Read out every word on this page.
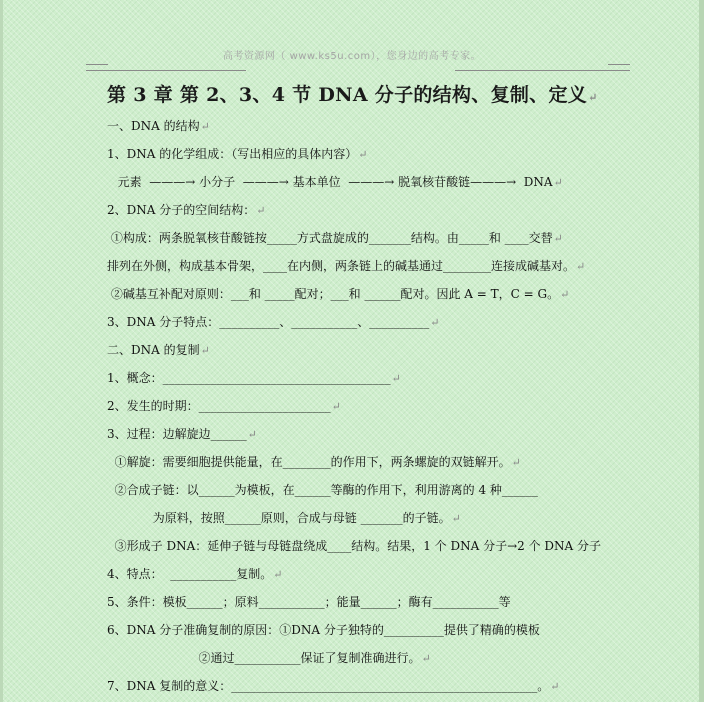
高考资源网（ www.ks5u.com），您身边的高考专家。
第 3 章 第 2、3、4 节 DNA 分子的结构、复制、定义↵
一、DNA 的结构↵
1、DNA 的化学组成：（写出相应的具体内容）↵
元素  ———→ 小分子  ———→ 基本单位  ———→ 脱氧核苷酸链———→  DNA↵
2、DNA 分子的空间结构：↵
①构成：两条脱氧核苷酸链按_____方式盘旋成的_______结构。由_____和 ____交替↵
排列在外侧，构成基本骨架，____在内侧，两条链上的碱基通过________连接成碱基对。↵
②碱基互补配对原则：___和 _____配对；___和 ______配对。因此 A = T，C = G。↵
3、DNA 分子特点：__________、___________、__________↵
二、DNA 的复制↵
1、概念：______________________________________↵
2、发生的时期：______________________↵
3、过程：边解旋边______↵
①解旋：需要细胞提供能量，在________的作用下，两条螺旋的双链解开。↵
②合成子链：以______为模板，在______等酶的作用下，利用游离的 4 种______
为原料，按照______原则，合成与母链 _______的子链。↵
③形成子 DNA：延伸子链与母链盘绕成____结构。结果，1 个 DNA 分子→2 个 DNA 分子
4、特点：  ___________复制。↵
5、条件：模板______；原料___________；能量______；酶有___________等
6、DNA 分子准确复制的原因：①DNA 分子独特的__________提供了精确的模板
②通过___________保证了复制准确进行。↵
7、DNA 复制的意义：___________________________________________________。↵
